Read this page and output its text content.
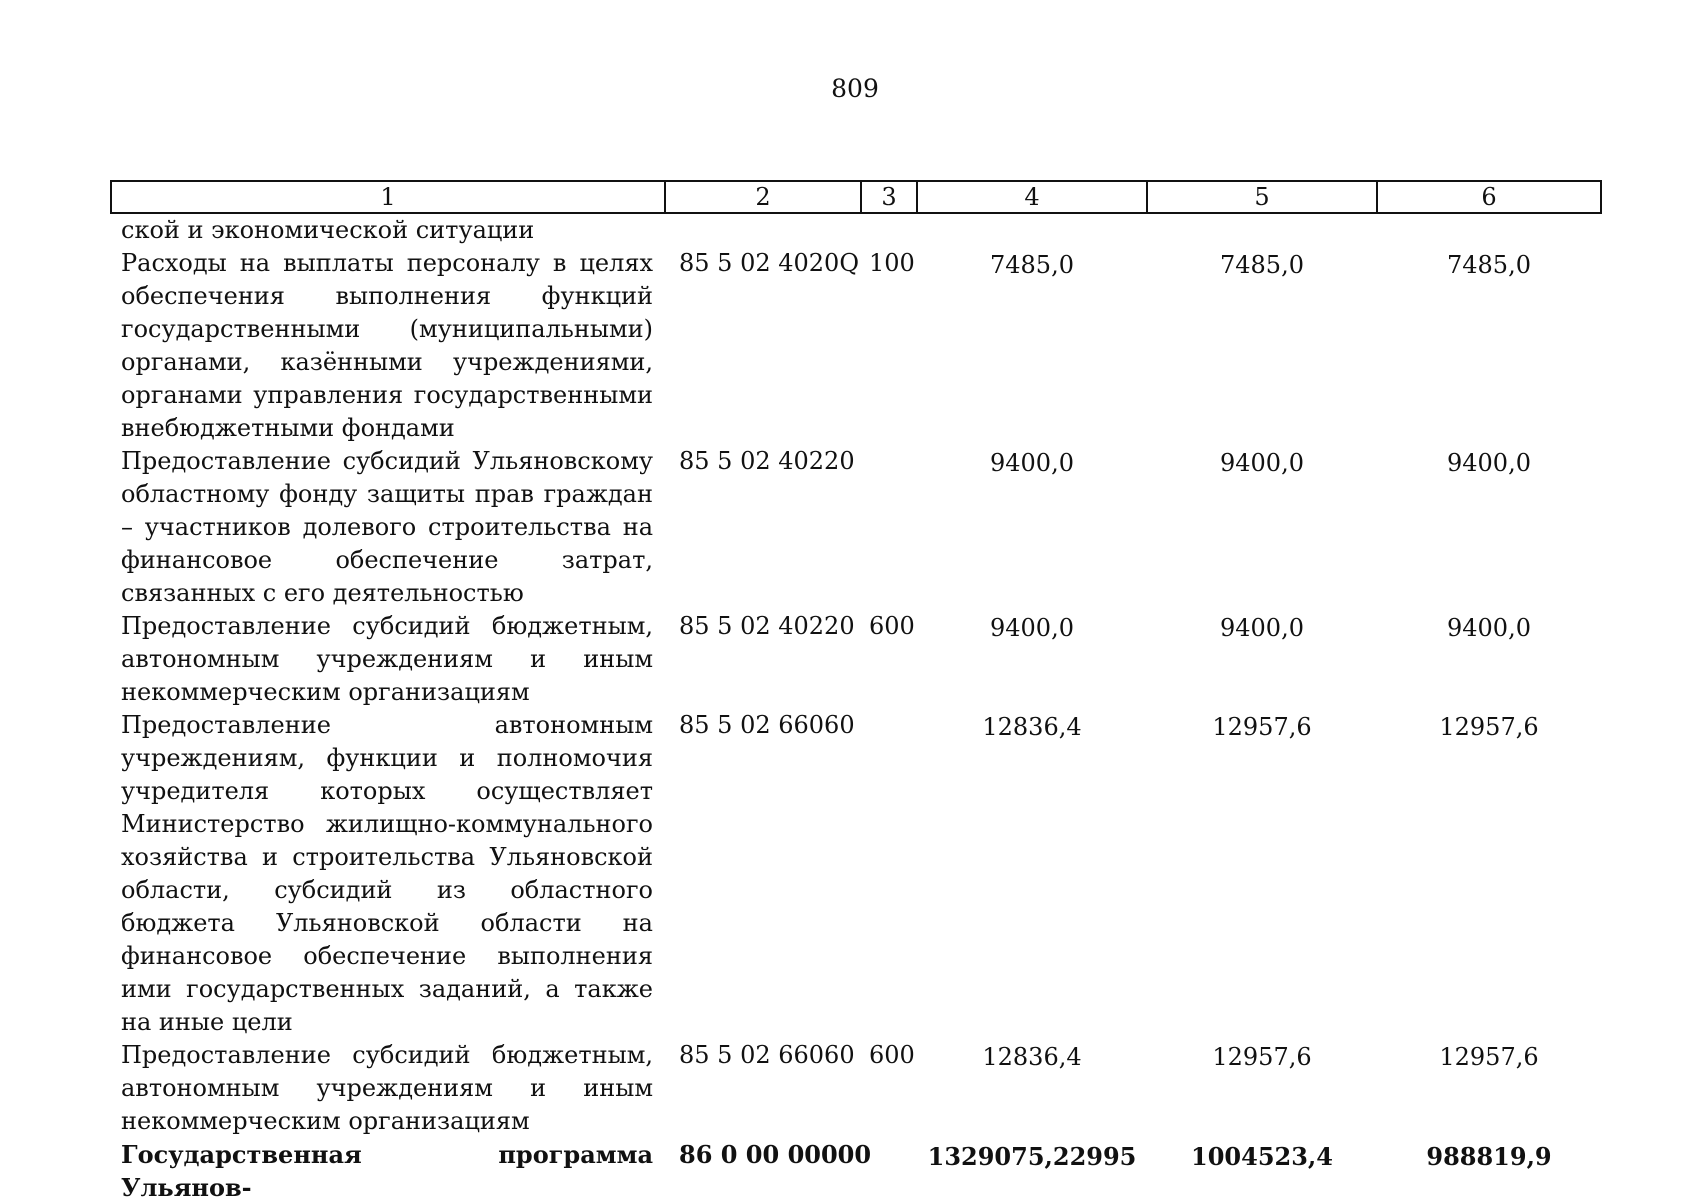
809
1	2	3	4	5	6
ской и экономической ситуации					
Расходы на выплаты персоналу в целях обеспечения выполнения функций государственными (муниципальными) органами, казёнными учреждениями, органами управления государственными внебюджетными фондами	85 5 02 4020Q	100	7485,0	7485,0	7485,0
Предоставление субсидий Ульяновскому областному фонду защиты прав граждан – участников долевого строительства на финансовое обеспечение затрат, связанных с его деятельностью	85 5 02 40220		9400,0	9400,0	9400,0
Предоставление субсидий бюджетным, автономным учреждениям и иным некоммерческим организациям	85 5 02 40220	600	9400,0	9400,0	9400,0
Предоставление автономным учреждениям, функции и полномочия учредителя которых осуществляет Министерство жилищно-коммунального хозяйства и строительства Ульяновской области, субсидий из областного бюджета Ульяновской области на финансовое обеспечение выполнения ими государственных заданий, а также на иные цели	85 5 02 66060		12836,4	12957,6	12957,6
Предоставление субсидий бюджетным, автономным учреждениям и иным некоммерческим организациям	85 5 02 66060	600	12836,4	12957,6	12957,6
Государственная программа Ульянов-	86 0 00 00000		1329075,22995	1004523,4	988819,9
